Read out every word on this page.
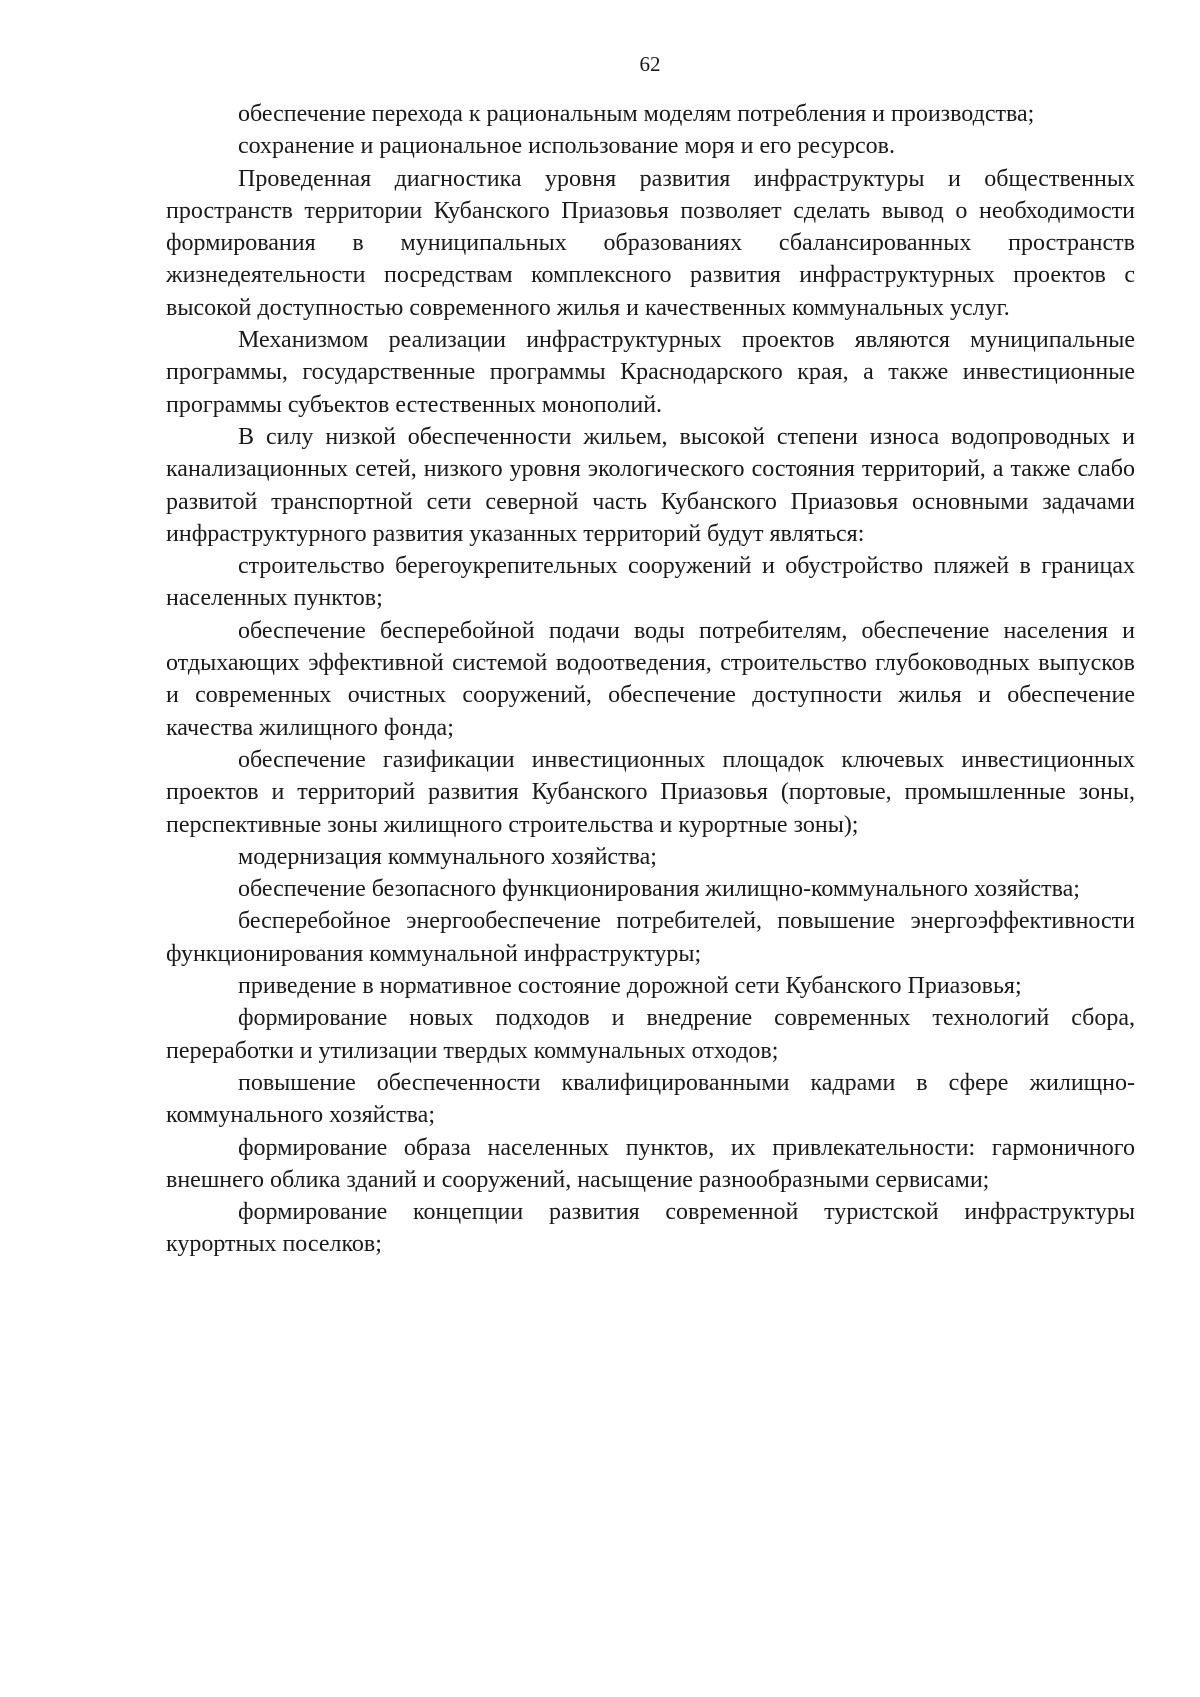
62

обеспечение перехода к рациональным моделям потребления и производства;

сохранение и рациональное использование моря и его ресурсов.

Проведенная диагностика уровня развития инфраструктуры и общественных пространств территории Кубанского Приазовья позволяет сделать вывод о необходимости формирования в муниципальных образованиях сбалансированных пространств жизнедеятельности посредствам комплексного развития инфраструктурных проектов с высокой доступностью современного жилья и качественных коммунальных услуг.

Механизмом реализации инфраструктурных проектов являются муниципальные программы, государственные программы Краснодарского края, а также инвестиционные программы субъектов естественных монополий.

В силу низкой обеспеченности жильем, высокой степени износа водопроводных и канализационных сетей, низкого уровня экологического состояния территорий, а также слабо развитой транспортной сети северной часть Кубанского Приазовья основными задачами инфраструктурного развития указанных территорий будут являться:

строительство берегоукрепительных сооружений и обустройство пляжей в границах населенных пунктов;

обеспечение бесперебойной подачи воды потребителям, обеспечение населения и отдыхающих эффективной системой водоотведения, строительство глубоководных выпусков и современных очистных сооружений, обеспечение доступности жилья и обеспечение качества жилищного фонда;

обеспечение газификации инвестиционных площадок ключевых инвестиционных проектов и территорий развития Кубанского Приазовья (портовые, промышленные зоны, перспективные зоны жилищного строительства и курортные зоны);

модернизация коммунального хозяйства;

обеспечение безопасного функционирования жилищно-коммунального хозяйства;

бесперебойное энергообеспечение потребителей, повышение энергоэффективности функционирования коммунальной инфраструктуры;

приведение в нормативное состояние дорожной сети Кубанского Приазовья;

формирование новых подходов и внедрение современных технологий сбора, переработки и утилизации твердых коммунальных отходов;

повышение обеспеченности квалифицированными кадрами в сфере жилищно-коммунального хозяйства;

формирование образа населенных пунктов, их привлекательности: гармоничного внешнего облика зданий и сооружений, насыщение разнообразными сервисами;

формирование концепции развития современной туристской инфраструктуры курортных поселков;
